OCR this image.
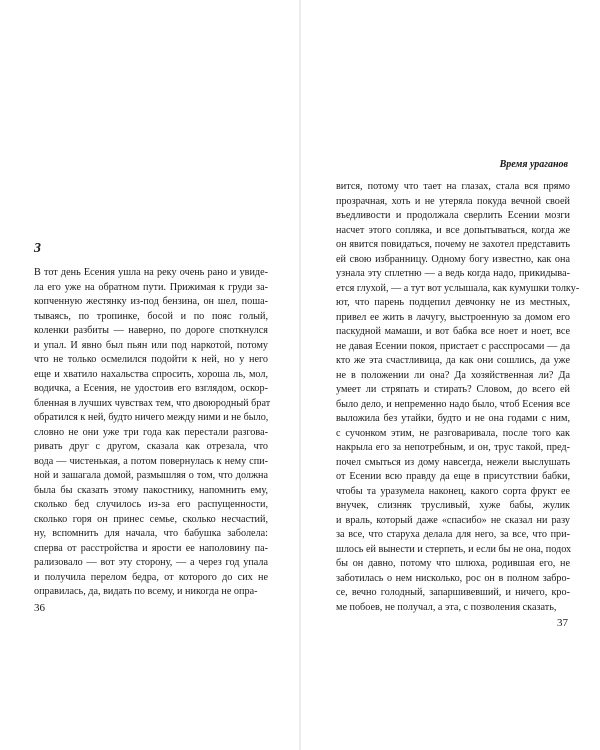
3
В тот день Есения ушла на реку очень рано и увиде-
ла его уже на обратном пути. Прижимая к груди за-
копченную жестянку из-под бензина, он шел, поша-
тываясь, по тропинке, босой и по пояс голый,
коленки разбиты — наверно, по дороге споткнулся
и упал. И явно был пьян или под наркотой, потому
что не только осмелился подойти к ней, но у него
еще и хватило нахальства спросить, хороша ль, мол,
водичка, а Есения, не удостоив его взглядом, оскор-
бленная в лучших чувствах тем, что двоюродный брат
обратился к ней, будто ничего между ними и не было,
словно не они уже три года как перестали разгова-
ривать друг с другом, сказала как отрезала, что
вода — чистенькая, а потом повернулась к нему спи-
ной и зашагала домой, размышляя о том, что должна
была бы сказать этому пакостнику, напомнить ему,
сколько бед случилось из-за его распущенности,
сколько горя он принес семье, сколько несчастий,
ну, вспомнить для начала, что бабушка заболела:
сперва от расстройства и ярости ее наполовину па-
рализовало — вот эту сторону, — а через год упала
и получила перелом бедра, от которого до сих не
оправилась, да, видать по всему, и никогда не опра-
36
Время ураганов
вится, потому что тает на глазах, стала вся прямо
прозрачная, хоть и не утеряла покуда вечной своей
въедливости и продолжала сверлить Есении мозги
насчет этого сопляка, и все допытываться, когда же
он явится повидаться, почему не захотел представить
ей свою избранницу. Одному богу известно, как она
узнала эту сплетню — а ведь когда надо, прикидыва-
ется глухой, — а тут вот услышала, как кумушки толку-
ют, что парень подцепил девчонку не из местных,
привел ее жить в лачугу, выстроенную за домом его
паскудной мамаши, и вот бабка все ноет и ноет, все
не давая Есении покоя, пристает с расспросами — да
кто же эта счастливица, да как они сошлись, да уже
не в положении ли она? Да хозяйственная ли? Да
умеет ли стряпать и стирать? Словом, до всего ей
было дело, и непременно надо было, чтоб Есения все
выложила без утайки, будто и не она годами с ним,
с сучонком этим, не разговаривала, после того как
накрыла его за непотребным, и он, трус такой, пред-
почел смыться из дому навсегда, нежели выслушать
от Есении всю правду да еще в присутствии бабки,
чтобы та уразумела наконец, какого сорта фрукт ее
внучек, слизняк трусливый, хуже бабы, жулик
и враль, который даже «спасибо» не сказал ни разу
за все, что старуха делала для него, за все, что при-
шлось ей вынести и стерпеть, и если бы не она, подох
бы он давно, потому что шлюха, родившая его, не
заботилась о нем нисколько, рос он в полном забро-
се, вечно голодный, запаршивевший, и ничего, кро-
ме побоев, не получал, а эта, с позволения сказать,
37
